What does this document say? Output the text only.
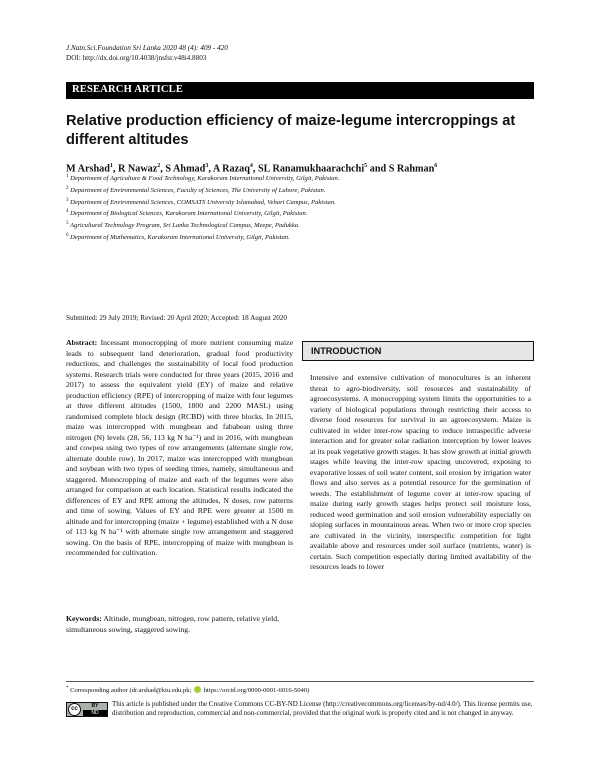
J.Natn.Sci.Foundation Sri Lanka 2020 48 (4): 409 - 420
DOI: http://dx.doi.org/10.4038/jnsfsr.v48i4.8803
RESEARCH ARTICLE
Relative production efficiency of maize-legume intercroppings at different altitudes
M Arshad$^1$, R Nawaz$^2$, S Ahmad$^3$, A Razaq$^4$, SL Ranamukhaarachchi$^5$ and S Rahman$^6$
$^1$ Department of Agriculture & Food Technology, Karakoram International University, Gilgit, Pakistan.
$^2$ Department of Environmental Sciences, Faculty of Sciences, The University of Lahore, Pakistan.
$^3$ Department of Environmental Sciences, COMSATS University Islamabad, Vehari Campus, Pakistan.
$^4$ Department of Biological Sciences, Karakoram International University, Gilgit, Pakistan.
$^5$ Agricultural Technology Program, Sri Lanka Technological Campus, Meepe, Padukka.
$^6$ Department of Mathematics, Karakoram International University, Gilgit, Pakistan.
Submitted: 29 July 2019; Revised: 20 April 2020; Accepted: 18 August 2020
Abstract: Incessant monocropping of more nutrient consuming maize leads to subsequent land deterioration, gradual food productivity reductions, and challenges the sustainability of local food production systems. Research trials were conducted for three years (2015, 2016 and 2017) to assess the equivalent yield (EY) of maize and relative production efficiency (RPE) of intercropping of maize with four legumes at three different altitudes (1500, 1800 and 2200 MASL) using randomised complete block design (RCBD) with three blocks. In 2015, maize was intercropped with mungbean and fababean using three nitrogen (N) levels (28, 56, 113 kg N ha⁻¹) and in 2016, with mungbean and cowpea using two types of row arrangements (alternate single row, alternate double row). In 2017, maize was intercropped with mungbean and soybean with two types of seeding times, namely, simultaneous and staggered. Monocropping of maize and each of the legumes were also arranged for comparison at each location. Statistical results indicated the differences of EY and RPE among the altitudes, N doses, row patterns and time of sowing. Values of EY and RPE were greater at 1500 m altitude and for intercropping (maize + legume) established with a N dose of 113 kg N ha⁻¹ with alternate single row arrangement and staggered sowing. On the basis of RPE, intercropping of maize with mungbean is recommended for cultivation.
Keywords: Altitude, mungbean, nitrogen, row pattern, relative yield, simultaneous sowing, staggered sowing.
INTRODUCTION
Intensive and extensive cultivation of monocultures is an inherent threat to agro-biodiversity, soil resources and sustainability of agroecosystems. A monocropping system limits the opportunities to a variety of biological populations through restricting their access to diverse food resources for survival in an agroecosystem. Maize is cultivated in wider inter-row spacing to reduce intraspecific adverse interaction and for greater solar radiation interception by lower leaves at its peak vegetative growth stages. It has slow growth at initial growth stages while leaving the inter-row spacing uncovered, exposing to evaporative losses of soil water content, soil erosion by irrigation water flows and also serves as a potential resource for the germination of weeds. The establishment of legume cover at inter-row spacing of maize during early growth stages helps protect soil moisture loss, reduced weed germination and soil erosion vulnerability especially on sloping surfaces in mountainous areas. When two or more crop species are cultivated in the vicinity, interspecific competition for light available above and resources under soil surface (nutrients, water) is certain. Such competition especially during limited availability of the resources leads to lower
* Corresponding author (dr.arshad@kiu.edu.pk; https://orcid.org/0000-0001-6016-5040)
cc	BY
ND
This article is published under the Creative Commons CC-BY-ND License (http://creativecommons.org/licenses/by-nd/4.0/). This license permits use, distribution and reproduction, commercial and non-commercial, provided that the original work is properly cited and is not changed in anyway.
